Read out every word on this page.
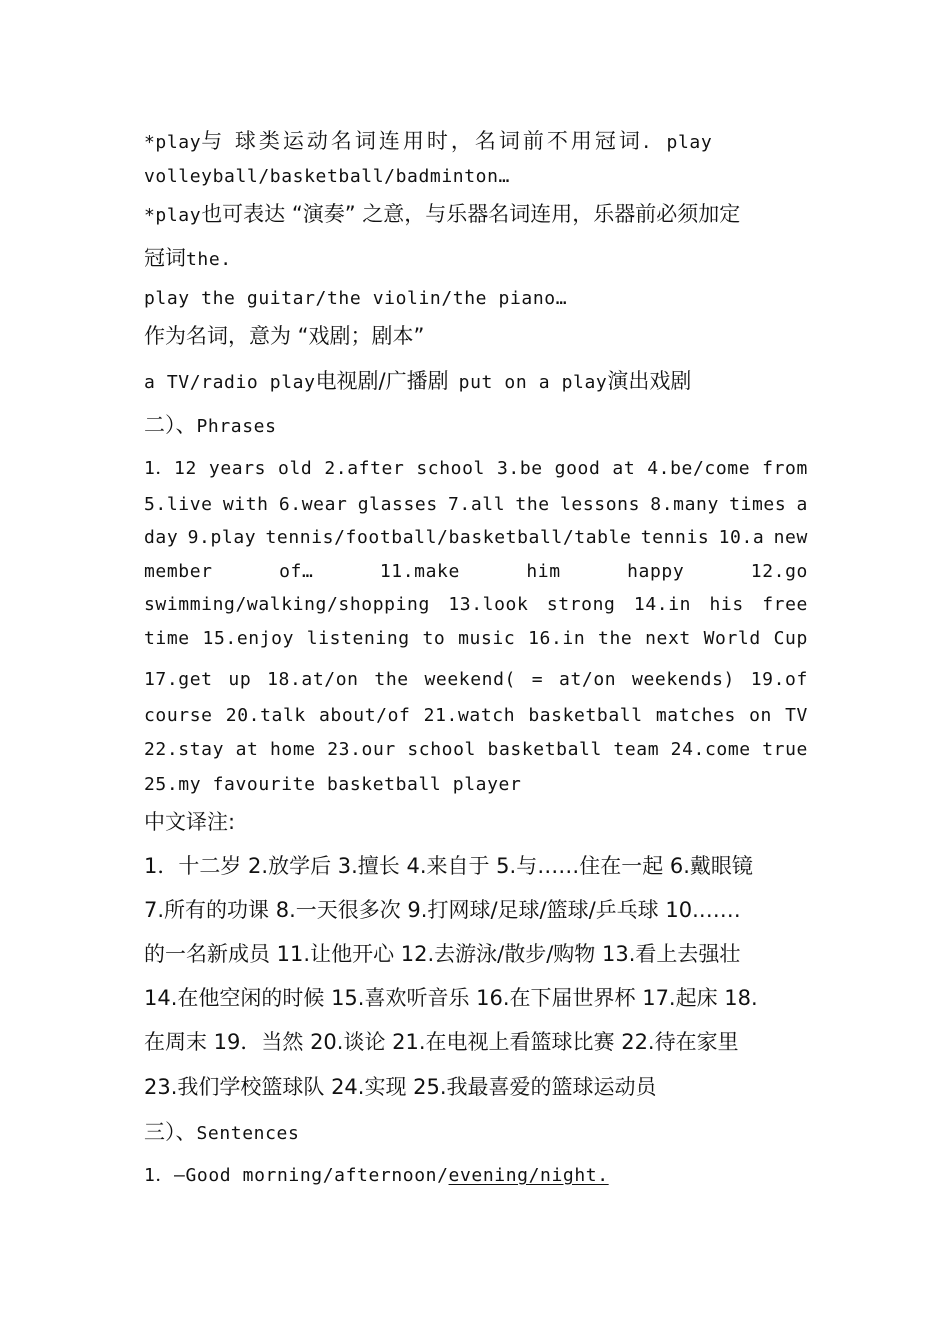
*play与 球类运动名词连用时，名词前不用冠词. play
volleyball/basketball/badminton…
*play也可表达 “演奏” 之意，与乐器名词连用，乐器前必须加定
冠词the.
play the guitar/the violin/the piano…
作为名词，意为 “戏剧；剧本”
a TV/radio play电视剧/广播剧 put on a play演出戏剧
二）、Phrases
1．12 years old 2.after school 3.be good at 4.be/come from
5.live with 6.wear glasses 7.all the lessons 8.many times a
day 9.play tennis/football/basketball/table tennis 10.a new
member	of…	11.make	him	happy	12.go
swimming/walking/shopping 13.look strong 14.in his free
time 15.enjoy listening to music 16.in the next World Cup
17.get up 18.at/on the weekend( = at/on weekends) 19.of
course 20.talk about/of 21.watch basketball matches on TV
22.stay at home 23.our school basketball team 24.come true
25.my favourite basketball player
中文译注:
1．十二岁 2.放学后 3.擅长 4.来自于 5.与……住在一起 6.戴眼镜
7.所有的功课 8.一天很多次 9.打网球/足球/篮球/乒乓球 10.……
的一名新成员 11.让他开心 12.去游泳/散步/购物 13.看上去强壮
14.在他空闲的时候 15.喜欢听音乐 16.在下届世界杯 17.起床 18.
在周末 19．当然 20.谈论 21.在电视上看篮球比赛 22.待在家里
23.我们学校篮球队 24.实现 25.我最喜爱的篮球运动员
三）、Sentences
1．—Good morning/afternoon/evening/night.
